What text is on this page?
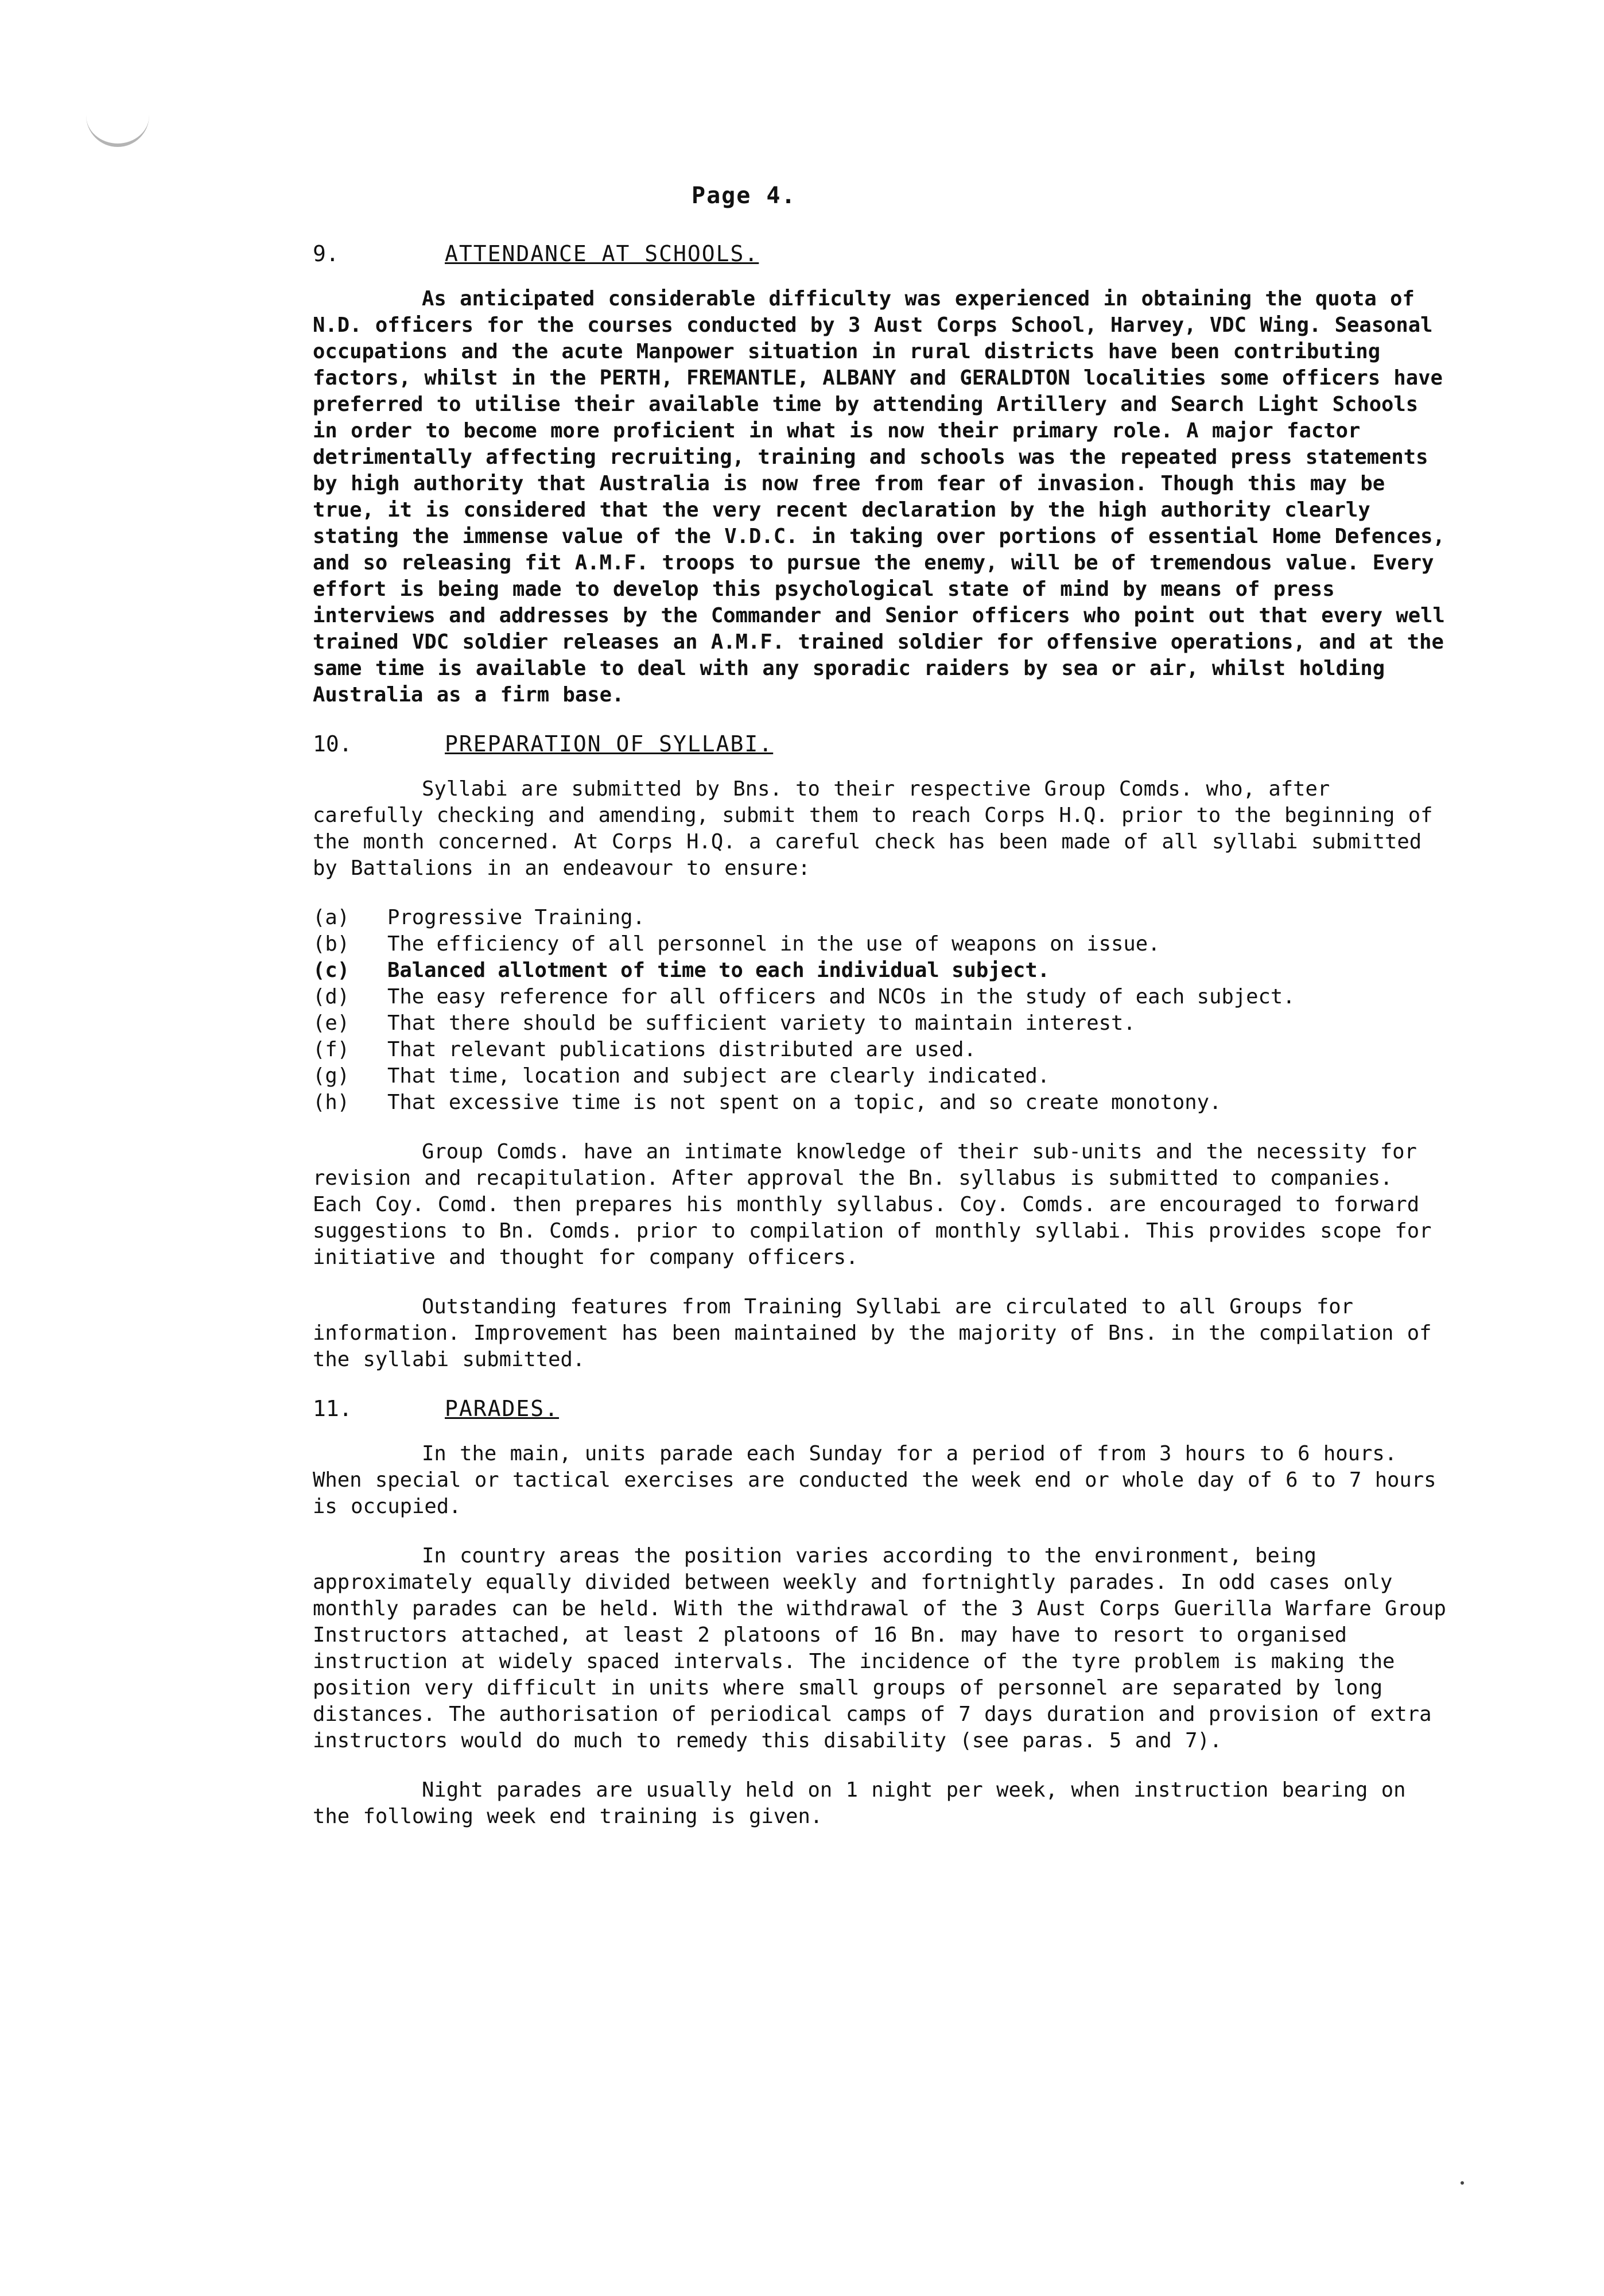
Page 4.
9.	ATTENDANCE AT SCHOOLS.

As anticipated considerable difficulty was experienced in obtaining the quota of N.D. officers for the courses conducted by 3 Aust Corps School, Harvey, VDC Wing. Seasonal occupations and the acute Manpower situation in rural districts have been contributing factors, whilst in the PERTH, FREMANTLE, ALBANY and GERALDTON localities some officers have preferred to utilise their available time by attending Artillery and Search Light Schools in order to become more proficient in what is now their primary role. A major factor detrimentally affecting recruiting, training and schools was the repeated press statements by high authority that Australia is now free from fear of invasion. Though this may be true, it is considered that the very recent declaration by the high authority clearly stating the immense value of the V.D.C. in taking over portions of essential Home Defences, and so releasing fit A.M.F. troops to pursue the enemy, will be of tremendous value. Every effort is being made to develop this psychological state of mind by means of press interviews and addresses by the Commander and Senior officers who point out that every well trained VDC soldier releases an A.M.F. trained soldier for offensive operations, and at the same time is available to deal with any sporadic raiders by sea or air, whilst holding Australia as a firm base.

10.	PREPARATION OF SYLLABI.

Syllabi are submitted by Bns. to their respective Group Comds. who, after carefully checking and amending, submit them to reach Corps H.Q. prior to the beginning of the month concerned. At Corps H.Q. a careful check has been made of all syllabi submitted by Battalions in an endeavour to ensure:

(a)	Progressive Training.
(b)	The efficiency of all personnel in the use of weapons on issue.
(c)	Balanced allotment of time to each individual subject.
(d)	The easy reference for all officers and NCOs in the study of each subject.
(e)	That there should be sufficient variety to maintain interest.
(f)	That relevant publications distributed are used.
(g)	That time, location and subject are clearly indicated.
(h)	That excessive time is not spent on a topic, and so create monotony.

Group Comds. have an intimate knowledge of their sub-units and the necessity for revision and recapitulation. After approval the Bn. syllabus is submitted to companies. Each Coy. Comd. then prepares his monthly syllabus. Coy. Comds. are encouraged to forward suggestions to Bn. Comds. prior to compilation of monthly syllabi. This provides scope for initiative and thought for company officers.

Outstanding features from Training Syllabi are circulated to all Groups for information. Improvement has been maintained by the majority of Bns. in the compilation of the syllabi submitted.

11.	PARADES.

In the main, units parade each Sunday for a period of from 3 hours to 6 hours. When special or tactical exercises are conducted the week end or whole day of 6 to 7 hours is occupied.

In country areas the position varies according to the environment, being approximately equally divided between weekly and fortnightly parades. In odd cases only monthly parades can be held. With the withdrawal of the 3 Aust Corps Guerilla Warfare Group Instructors attached, at least 2 platoons of 16 Bn. may have to resort to organised instruction at widely spaced intervals. The incidence of the tyre problem is making the position very difficult in units where small groups of personnel are separated by long distances. The authorisation of periodical camps of 7 days duration and provision of extra instructors would do much to remedy this disability (see paras. 5 and 7).

Night parades are usually held on 1 night per week, when instruction bearing on the following week end training is given.
